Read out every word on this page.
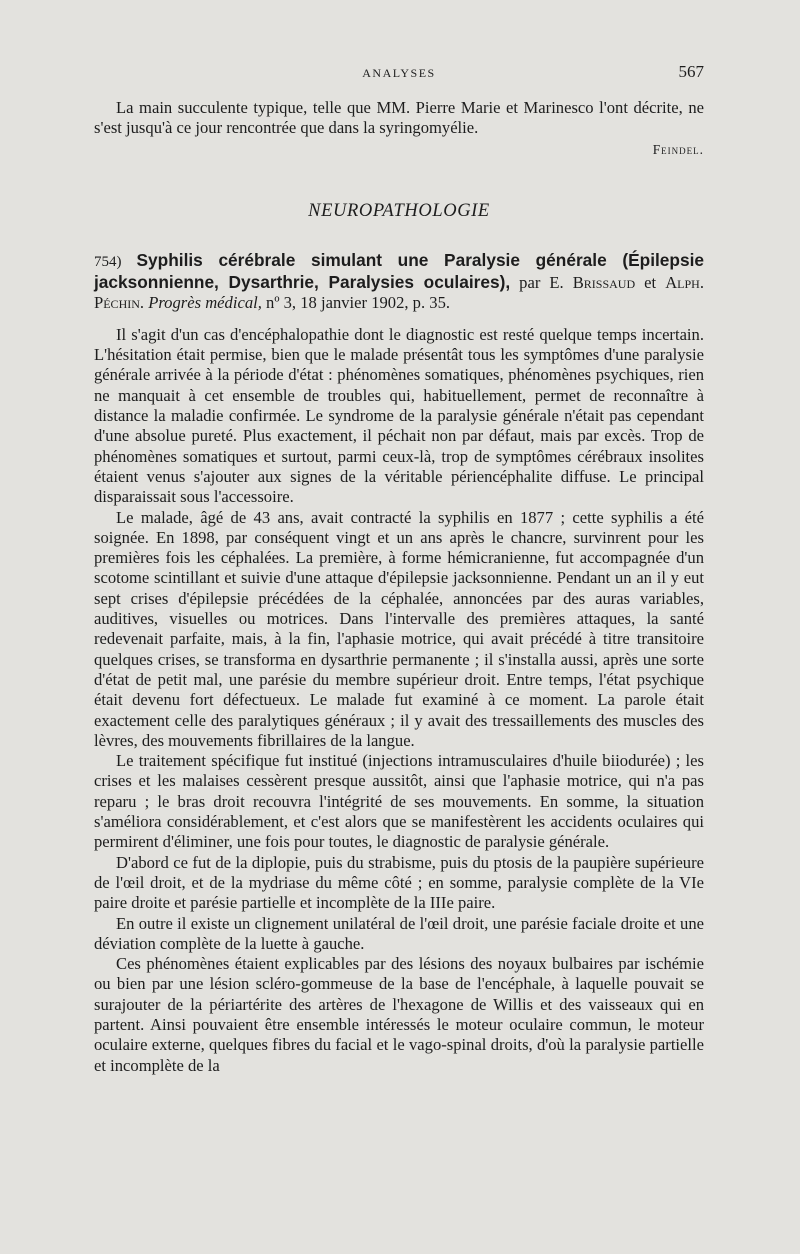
ANALYSES	567

La main succulente typique, telle que MM. Pierre Marie et Marinesco l'ont décrite, ne s'est jusqu'à ce jour rencontrée que dans la syringomyélie.

Feindel.

NEUROPATHOLOGIE

754) Syphilis cérébrale simulant une Paralysie générale (Épilepsie jacksonnienne, Dysarthrie, Paralysies oculaires), par E. Brissaud et Alph. Péchin. Progrès médical, nº 3, 18 janvier 1902, p. 35.

Il s'agit d'un cas d'encéphalopathie dont le diagnostic est resté quelque temps incertain. L'hésitation était permise, bien que le malade présentât tous les symptômes d'une paralysie générale arrivée à la période d'état : phénomènes somatiques, phénomènes psychiques, rien ne manquait à cet ensemble de troubles qui, habituellement, permet de reconnaître à distance la maladie confirmée. Le syndrome de la paralysie générale n'était pas cependant d'une absolue pureté. Plus exactement, il péchait non par défaut, mais par excès. Trop de phénomènes somatiques et surtout, parmi ceux-là, trop de symptômes cérébraux insolites étaient venus s'ajouter aux signes de la véritable périencéphalite diffuse. Le principal disparaissait sous l'accessoire.

Le malade, âgé de 43 ans, avait contracté la syphilis en 1877 ; cette syphilis a été soignée. En 1898, par conséquent vingt et un ans après le chancre, survinrent pour les premières fois les céphalées. La première, à forme hémicranienne, fut accompagnée d'un scotome scintillant et suivie d'une attaque d'épilepsie jacksonnienne. Pendant un an il y eut sept crises d'épilepsie précédées de la céphalée, annoncées par des auras variables, auditives, visuelles ou motrices. Dans l'intervalle des premières attaques, la santé redevenait parfaite, mais, à la fin, l'aphasie motrice, qui avait précédé à titre transitoire quelques crises, se transforma en dysarthrie permanente ; il s'installa aussi, après une sorte d'état de petit mal, une parésie du membre supérieur droit. Entre temps, l'état psychique était devenu fort défectueux. Le malade fut examiné à ce moment. La parole était exactement celle des paralytiques généraux ; il y avait des tressaillements des muscles des lèvres, des mouvements fibrillaires de la langue.

Le traitement spécifique fut institué (injections intramusculaires d'huile biiodurée) ; les crises et les malaises cessèrent presque aussitôt, ainsi que l'aphasie motrice, qui n'a pas reparu ; le bras droit recouvra l'intégrité de ses mouvements. En somme, la situation s'améliora considérablement, et c'est alors que se manifestèrent les accidents oculaires qui permirent d'éliminer, une fois pour toutes, le diagnostic de paralysie générale.

D'abord ce fut de la diplopie, puis du strabisme, puis du ptosis de la paupière supérieure de l'œil droit, et de la mydriase du même côté ; en somme, paralysie complète de la VIe paire droite et parésie partielle et incomplète de la IIIe paire.

En outre il existe un clignement unilatéral de l'œil droit, une parésie faciale droite et une déviation complète de la luette à gauche.

Ces phénomènes étaient explicables par des lésions des noyaux bulbaires par ischémie ou bien par une lésion scléro-gommeuse de la base de l'encéphale, à laquelle pouvait se surajouter de la périartérite des artères de l'hexagone de Willis et des vaisseaux qui en partent. Ainsi pouvaient être ensemble intéressés le moteur oculaire commun, le moteur oculaire externe, quelques fibres du facial et le vago-spinal droits, d'où la paralysie partielle et incomplète de la
